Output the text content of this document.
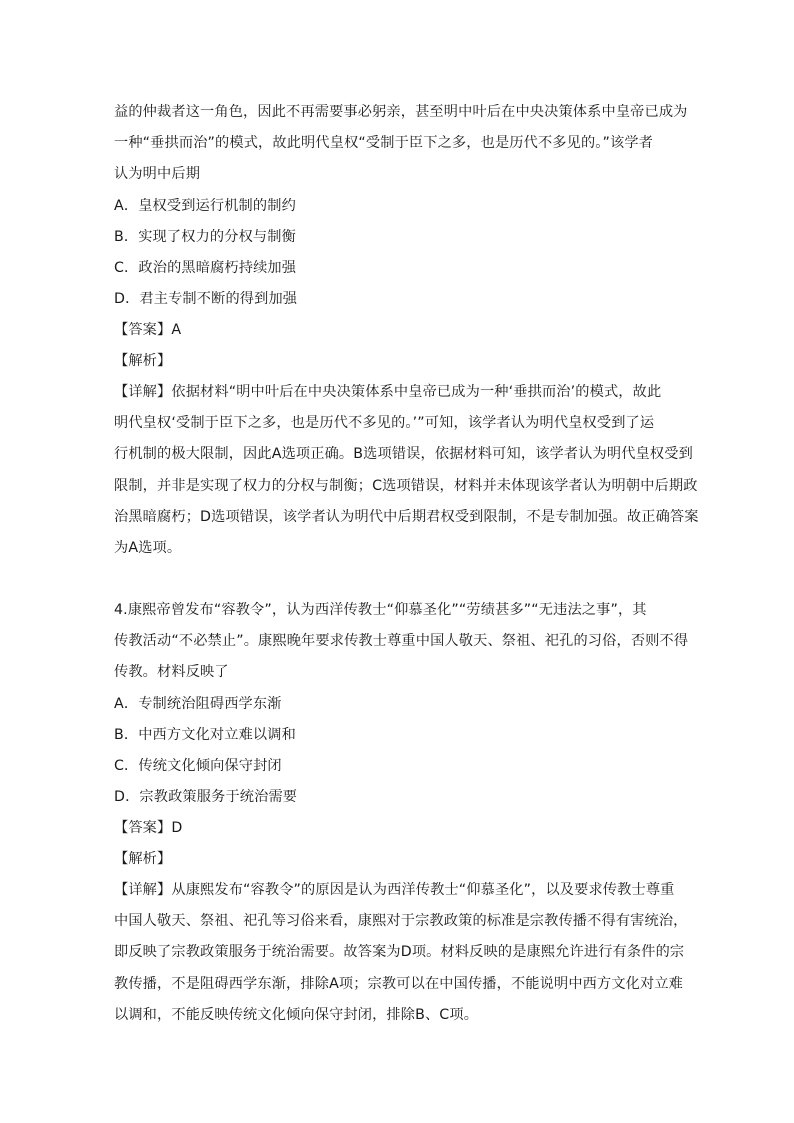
益的仲裁者这一角色，因此不再需要事必躬亲，甚至明中叶后在中央决策体系中皇帝已成为
一种“垂拱而治”的模式，故此明代皇权“受制于臣下之多，也是历代不多见的。”该学者
认为明中后期
A．皇权受到运行机制的制约
B．实现了权力的分权与制衡
C．政治的黑暗腐朽持续加强
D．君主专制不断的得到加强
【答案】A
【解析】
【详解】依据材料“明中叶后在中央决策体系中皇帝已成为一种‘垂拱而治’的模式，故此
明代皇权‘受制于臣下之多，也是历代不多见的。’”可知，该学者认为明代皇权受到了运
行机制的极大限制，因此A选项正确。B选项错误，依据材料可知，该学者认为明代皇权受到
限制，并非是实现了权力的分权与制衡；C选项错误，材料并未体现该学者认为明朝中后期政
治黑暗腐朽；D选项错误，该学者认为明代中后期君权受到限制，不是专制加强。故正确答案
为A选项。
4.康熙帝曾发布“容教令”，认为西洋传教士“仰慕圣化”“劳绩甚多”“无违法之事”，其
传教活动“不必禁止”。康熙晚年要求传教士尊重中国人敬天、祭祖、祀孔的习俗，否则不得
传教。材料反映了
A．专制统治阻碍西学东渐
B．中西方文化对立难以调和
C．传统文化倾向保守封闭
D．宗教政策服务于统治需要
【答案】D
【解析】
【详解】从康熙发布“容教令”的原因是认为西洋传教士“仰慕圣化”，以及要求传教士尊重
中国人敬天、祭祖、祀孔等习俗来看，康熙对于宗教政策的标准是宗教传播不得有害统治，
即反映了宗教政策服务于统治需要。故答案为D项。材料反映的是康熙允许进行有条件的宗
教传播，不是阻碍西学东渐，排除A项；宗教可以在中国传播，不能说明中西方文化对立难
以调和，不能反映传统文化倾向保守封闭，排除B、C项。
